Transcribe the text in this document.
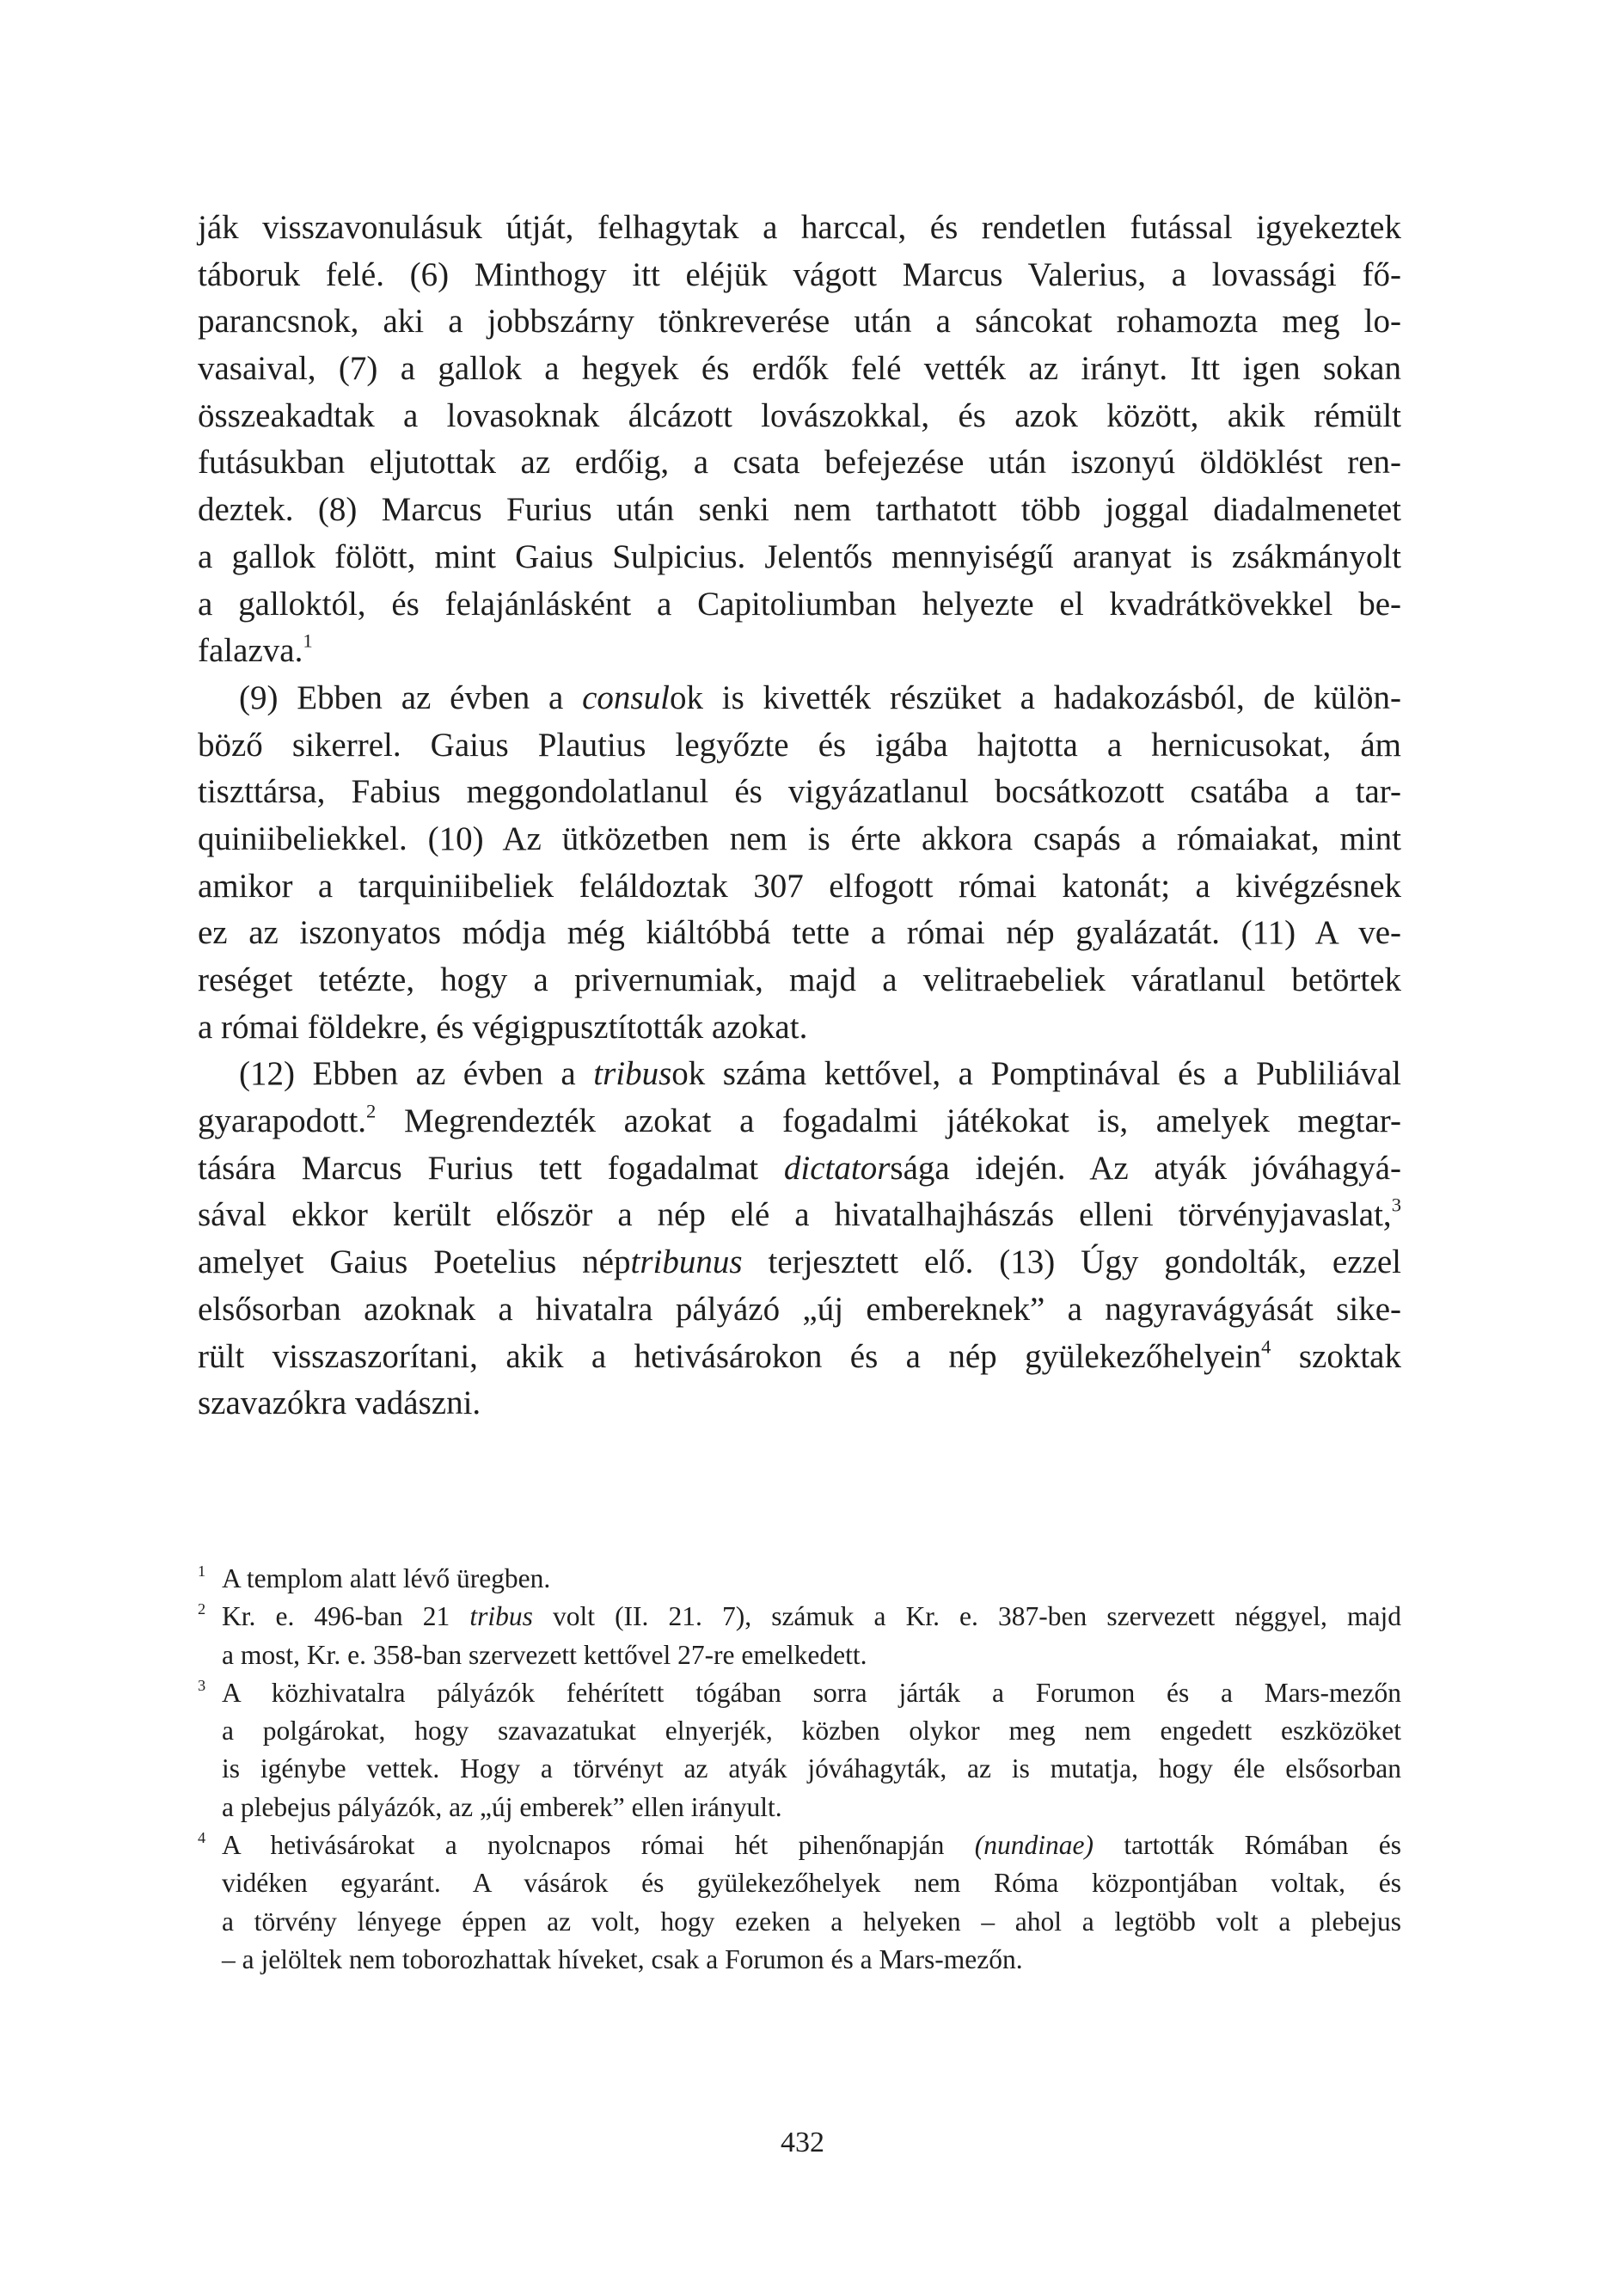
ják visszavonulásuk útját, felhagytak a harccal, és rendetlen futással igyekeztek
táboruk felé. (6) Minthogy itt eléjük vágott Marcus Valerius, a lovassági fő-
parancsnok, aki a jobbszárny tönkreverése után a sáncokat rohamozta meg lo-
vasaival, (7) a gallok a hegyek és erdők felé vették az irányt. Itt igen sokan
összeakadtak a lovasoknak álcázott lovászokkal, és azok között, akik rémült
futásukban eljutottak az erdőig, a csata befejezése után iszonyú öldöklést ren-
deztek. (8) Marcus Furius után senki nem tarthatott több joggal diadalmenetet
a gallok fölött, mint Gaius Sulpicius. Jelentős mennyiségű aranyat is zsákmányolt
a galloktól, és felajánlásként a Capitoliumban helyezte el kvadrátkövekkel be-
falazva.$^1$
(9) Ebben az évben a consulok is kivették részüket a hadakozásból, de külön-
böző sikerrel. Gaius Plautius legyőzte és igába hajtotta a hernicusokat, ám
tiszttársa, Fabius meggondolatlanul és vigyázatlanul bocsátkozott csatába a tar-
quiniibeliekkel. (10) Az ütközetben nem is érte akkora csapás a rómaiakat, mint
amikor a tarquiniibeliek feláldoztak 307 elfogott római katonát; a kivégzésnek
ez az iszonyatos módja még kiáltóbbá tette a római nép gyalázatát. (11) A ve-
reséget tetézte, hogy a privernumiak, majd a velitraebeliek váratlanul betörtek
a római földekre, és végigpusztították azokat.
(12) Ebben az évben a tribusok száma kettővel, a Pomptinával és a Publiliával
gyarapodott.$^2$ Megrendezték azokat a fogadalmi játékokat is, amelyek megtar-
tására Marcus Furius tett fogadalmat dictatorsága idején. Az atyák jóváhagyá-
sával ekkor került először a nép elé a hivatalhajhászás elleni törvényjavaslat,$^3$
amelyet Gaius Poetelius néptribunus terjesztett elő. (13) Úgy gondolták, ezzel
elsősorban azoknak a hivatalra pályázó „új embereknek” a nagyravágyását sike-
rült visszaszorítani, akik a hetivásárokon és a nép gyülekezőhelyein$^4$ szoktak
szavazókra vadászni.
$^1$ A templom alatt lévő üregben.
$^2$ Kr. e. 496-ban 21 tribus volt (II. 21. 7), számuk a Kr. e. 387-ben szervezett néggyel, majd
a most, Kr. e. 358-ban szervezett kettővel 27-re emelkedett.
$^3$ A közhivatalra pályázók fehérített tógában sorra járták a Forumon és a Mars-mezőn
a polgárokat, hogy szavazatukat elnyerjék, közben olykor meg nem engedett eszközöket
is igénybe vettek. Hogy a törvényt az atyák jóváhagyták, az is mutatja, hogy éle elsősorban
a plebejus pályázók, az „új emberek” ellen irányult.
$^4$ A hetivásárokat a nyolcnapos római hét pihenőnapján (nundinae) tartották Rómában és
vidéken egyaránt. A vásárok és gyülekezőhelyek nem Róma központjában voltak, és
a törvény lényege éppen az volt, hogy ezeken a helyeken – ahol a legtöbb volt a plebejus
– a jelöltek nem toborozhattak híveket, csak a Forumon és a Mars-mezőn.
432
